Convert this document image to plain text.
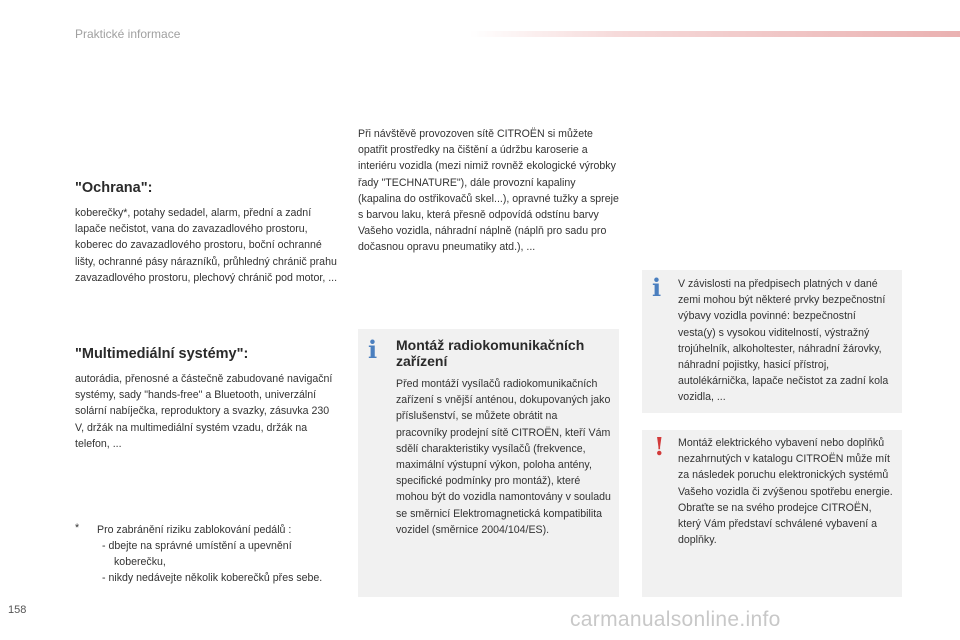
Praktické informace
"Ochrana":

koberečky*, potahy sedadel, alarm, přední a zadní lapače nečistot, vana do zavazadlového prostoru, koberec do zavazadlového prostoru, boční ochranné lišty, ochranné pásy nárazníků, průhledný chránič prahu zavazadlového prostoru, plechový chránič pod motor, ...

"Multimediální systémy":

autorádia, přenosné a částečně zabudované navigační systémy, sady "hands-free" a Bluetooth, univerzální solární nabíječka, reproduktory a svazky, zásuvka 230 V, držák na multimediální systém vzadu, držák na telefon, ...

* Pro zabránění riziku zablokování pedálů :
- dbejte na správné umístění a upevnění koberečku,
- nikdy nedávejte několik koberečků přes sebe.

Při návštěvě provozoven sítě CITROËN si můžete opatřit prostředky na čištění a údržbu karoserie a interiéru vozidla (mezi nimiž rovněž ekologické výrobky řady "TECHNATURE"), dále provozní kapaliny (kapalina do ostřikovačů skel...), opravné tužky a spreje s barvou laku, která přesně odpovídá odstínu barvy Vašeho vozidla, náhradní náplně (náplň pro sadu pro dočasnou opravu pneumatiky atd.), ...

i Montáž radiokomunikačních zařízení
Před montáží vysílačů radiokomunikačních zařízení s vnější anténou, dokupovaných jako příslušenství, se můžete obrátit na pracovníky prodejní sítě CITROËN, kteří Vám sdělí charakteristiky vysílačů (frekvence, maximální výstupní výkon, poloha antény, specifické podmínky pro montáž), které mohou být do vozidla namontovány v souladu se směrnicí Elektromagnetická kompatibilita vozidel (směrnice 2004/104/ES).
i V závislosti na předpisech platných v dané zemi mohou být některé prvky bezpečnostní výbavy vozidla povinné: bezpečnostní vesta(y) s vysokou viditelností, výstražný trojúhelník, alkoholtester, náhradní žárovky, náhradní pojistky, hasicí přístroj, autolékárnička, lapače nečistot za zadní kola vozidla, ...
! Montáž elektrického vybavení nebo doplňků nezahrnutých v katalogu CITROËN může mít za následek poruchu elektronických systémů Vašeho vozidla či zvýšenou spotřebu energie. Obraťte se na svého prodejce CITROËN, který Vám představí schválené vybavení a doplňky.
158	carmanualsonline.info
